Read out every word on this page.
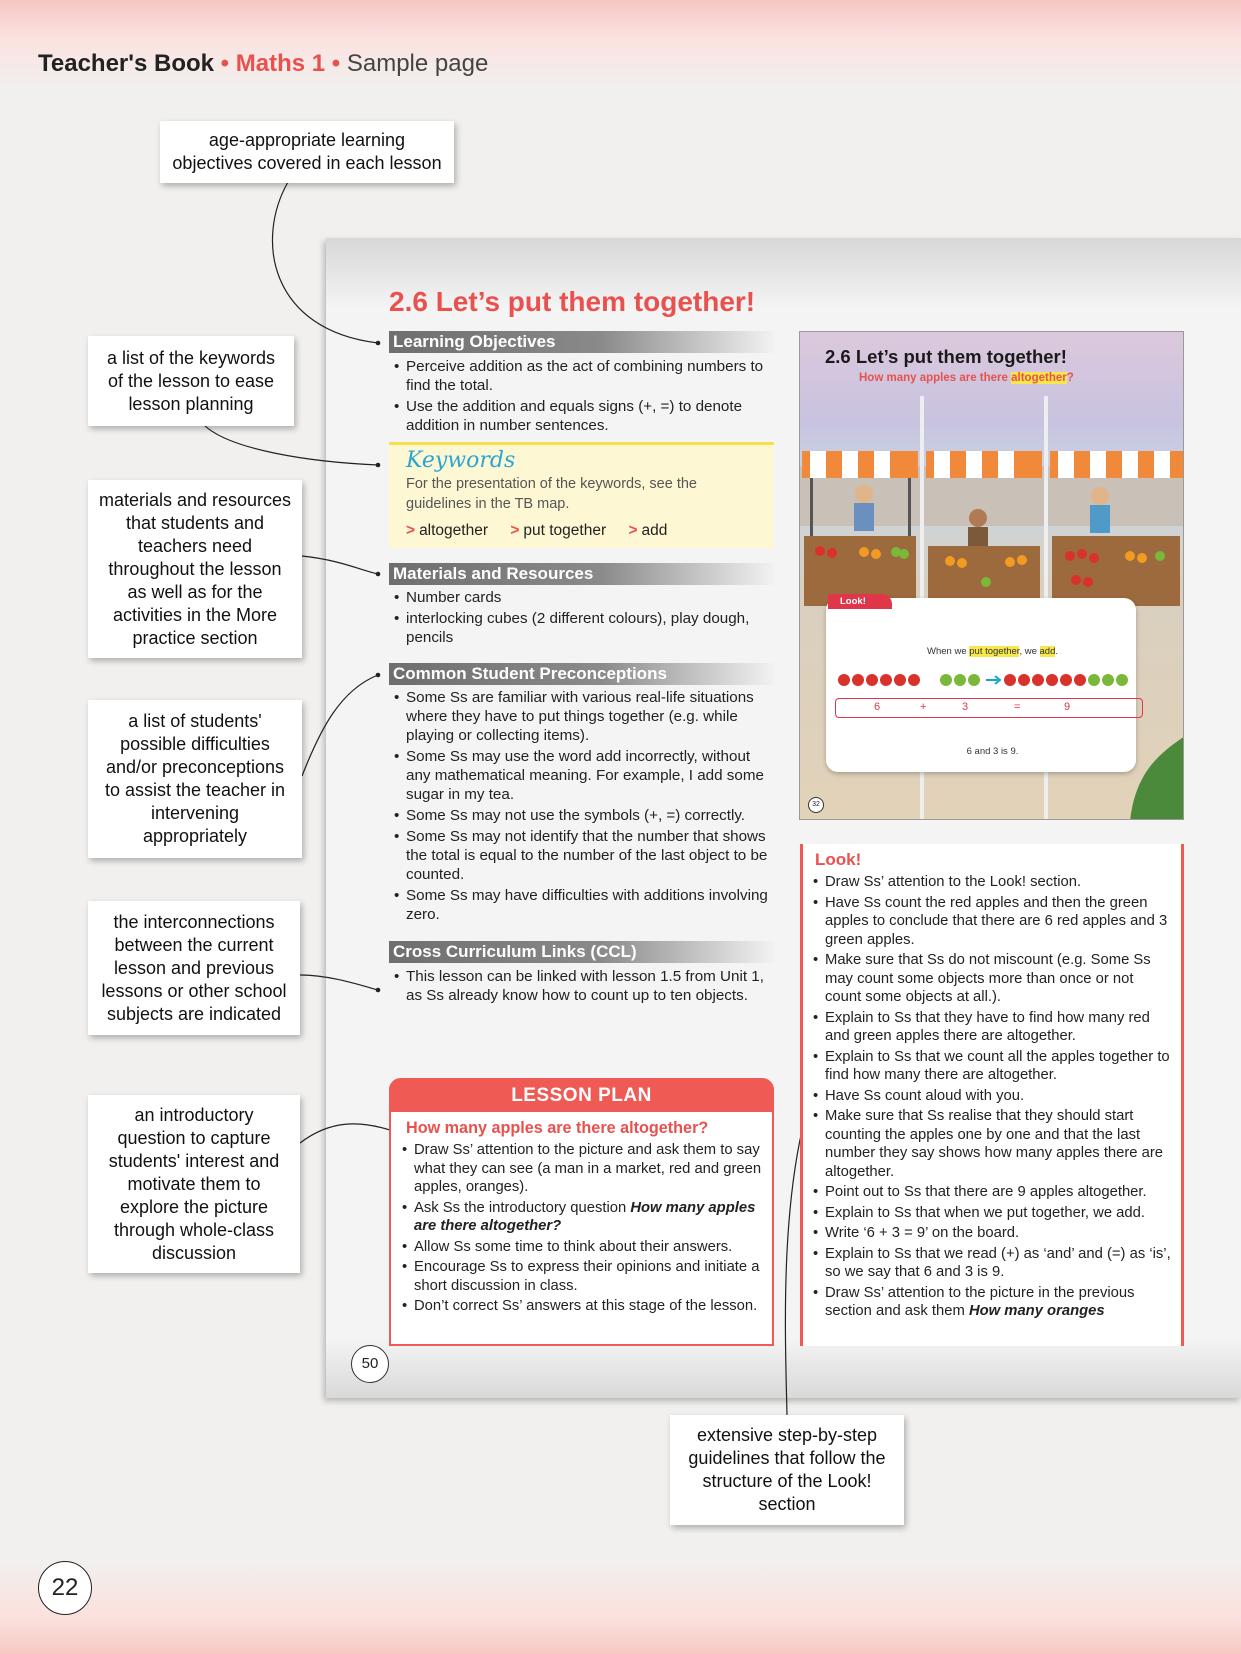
Teacher's Book • Maths 1 • Sample page
age-appropriate learning objectives covered in each lesson
a list of the keywords of the lesson to ease lesson planning
materials and resources that students and teachers need throughout the lesson as well as for the activities in the More practice section
a list of students' possible difficulties and/or preconceptions to assist the teacher in intervening appropriately
the interconnections between the current lesson and previous lessons or other school subjects are indicated
an introductory question to capture students' interest and motivate them to explore the picture through whole-class discussion
extensive step-by-step guidelines that follow the structure of the Look! section
2.6 Let’s put them together!
Learning Objectives
• Perceive addition as the act of combining numbers to find the total.
• Use the addition and equals signs (+, =) to denote addition in number sentences.
Keywords
For the presentation of the keywords, see the guidelines in the TB map.
> altogether > put together > add
Materials and Resources
• Number cards
• interlocking cubes (2 different colours), play dough, pencils
Common Student Preconceptions
• Some Ss are familiar with various real-life situations where they have to put things together (e.g. while playing or collecting items).
• Some Ss may use the word add incorrectly, without any mathematical meaning. For example, I add some sugar in my tea.
• Some Ss may not use the symbols (+, =) correctly.
• Some Ss may not identify that the number that shows the total is equal to the number of the last object to be counted.
• Some Ss may have difficulties with additions involving zero.
Cross Curriculum Links (CCL)
• This lesson can be linked with lesson 1.5 from Unit 1, as Ss already know how to count up to ten objects.
LESSON PLAN
How many apples are there altogether?
• Draw Ss’ attention to the picture and ask them to say what they can see (a man in a market, red and green apples, oranges).
• Ask Ss the introductory question How many apples are there altogether?
• Allow Ss some time to think about their answers.
• Encourage Ss to express their opinions and initiate a short discussion in class.
• Don’t correct Ss’ answers at this stage of the lesson.
Look!
• Draw Ss’ attention to the Look! section.
• Have Ss count the red apples and then the green apples to conclude that there are 6 red apples and 3 green apples.
• Make sure that Ss do not miscount (e.g. Some Ss may count some objects more than once or not count some objects at all.).
• Explain to Ss that they have to find how many red and green apples there are altogether.
• Explain to Ss that we count all the apples together to find how many there are altogether.
• Have Ss count aloud with you.
• Make sure that Ss realise that they should start counting the apples one by one and that the last number they say shows how many apples there are altogether.
• Point out to Ss that there are 9 apples altogether.
• Explain to Ss that when we put together, we add.
• Write ‘6 + 3 = 9’ on the board.
• Explain to Ss that we read (+) as ‘and’ and (=) as ‘is’, so we say that 6 and 3 is 9.
• Draw Ss’ attention to the picture in the previous section and ask them How many oranges
2.6 Let’s put them together!
How many apples are there altogether?
Look!
When we put together, we add.
6	+	3	=	9
6 and 3 is 9.
32
50
22
